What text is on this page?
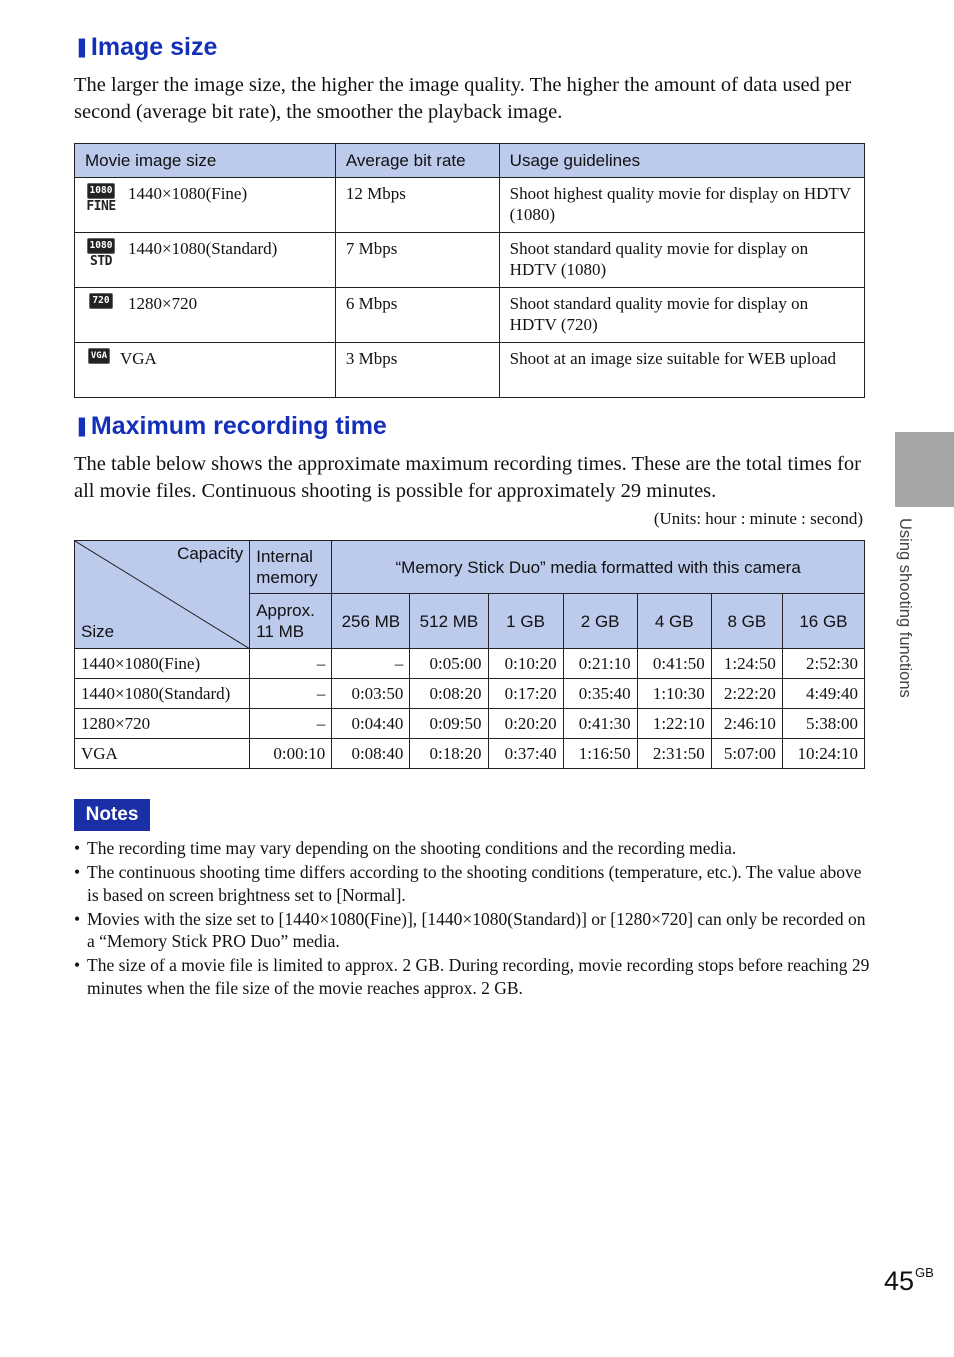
❚ Image size

The larger the image size, the higher the image quality. The higher the amount of data used per second (average bit rate), the smoother the playback image.

Movie image size	Average bit rate	Usage guidelines

1080
FINE
1440×1080(Fine)	12 Mbps	Shoot highest quality movie for display on HDTV (1080)

1080
STD
1440×1080(Standard)	7 Mbps	Shoot standard quality movie for display on HDTV (1080)

720 1280×720	6 Mbps	Shoot standard quality movie for display on HDTV (720)

VGA VGA	3 Mbps	Shoot at an image size suitable for WEB upload
❚ Maximum recording time

The table below shows the approximate maximum recording times. These are the total times for all movie files. Continuous shooting is possible for approximately 29 minutes.

(Units: hour : minute : second)
Capacity
Size	Internal memory	“Memory Stick Duo” media formatted with this camera						
	Approx. 11 MB	256 MB	512 MB	1 GB	2 GB	4 GB	8 GB	16 GB
1440×1080(Fine)	–	–	0:05:00	0:10:20	0:21:10	0:41:50	1:24:50	2:52:30
1440×1080(Standard)	–	0:03:50	0:08:20	0:17:20	0:35:40	1:10:30	2:22:20	4:49:40
1280×720	–	0:04:40	0:09:50	0:20:20	0:41:30	1:22:10	2:46:10	5:38:00
VGA	0:00:10	0:08:40	0:18:20	0:37:40	1:16:50	2:31:50	5:07:00	10:24:10
Notes
• The recording time may vary depending on the shooting conditions and the recording media.
• The continuous shooting time differs according to the shooting conditions (temperature, etc.). The value above is based on screen brightness set to [Normal].
• Movies with the size set to [1440×1080(Fine)], [1440×1080(Standard)] or [1280×720] can only be recorded on a “Memory Stick PRO Duo” media.
• The size of a movie file is limited to approx. 2 GB. During recording, movie recording stops before reaching 29 minutes when the file size of the movie reaches approx. 2 GB.
Using shooting functions
$45^{GB}$
